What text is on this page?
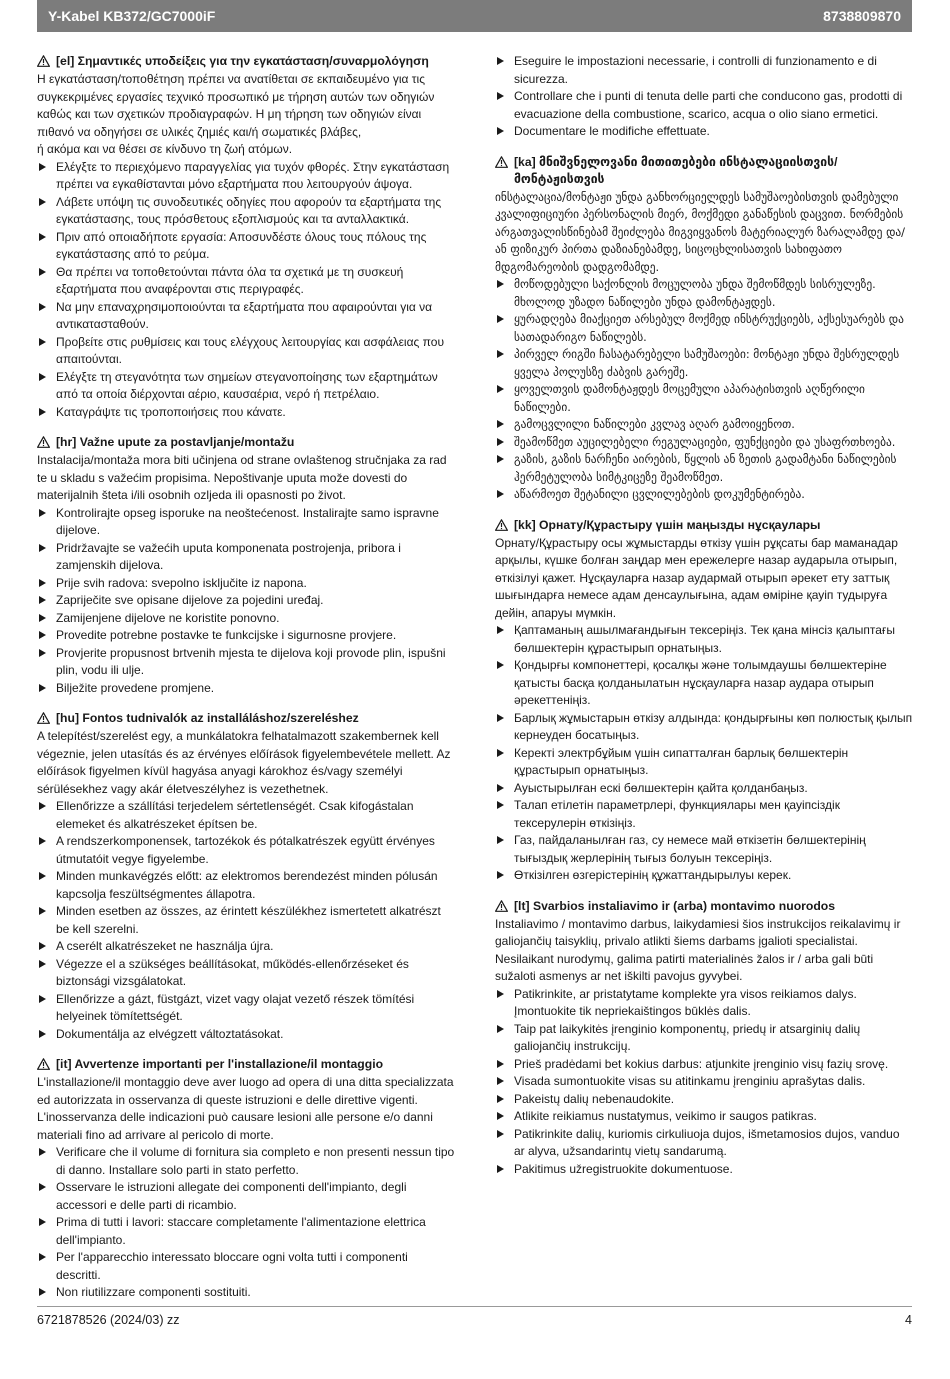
Y-Kabel KB372/GC7000iF	8738809870
[el] Σημαντικές υποδείξεις για την εγκατάσταση/συναρμολόγηση

Η εγκατάσταση/τοποθέτηση πρέπει να ανατίθεται σε εκπαιδευμένο για τις συγκεκριμένες εργασίες τεχνικό προσωπικό με τήρηση αυτών των οδηγιών καθώς και των σχετικών προδιαγραφών. Η μη τήρηση των οδηγιών είναι πιθανό να οδηγήσει σε υλικές ζημιές και/ή σωματικές βλάβες,

ή ακόμα και να θέσει σε κίνδυνο τη ζωή ατόμων.

Ελέγξτε το περιεχόμενο παραγγελίας για τυχόν φθορές. Στην εγκατάσταση πρέπει να εγκαθίστανται μόνο εξαρτήματα που λειτουργούν άψογα.
Λάβετε υπόψη τις συνοδευτικές οδηγίες που αφορούν τα εξαρτήματα της εγκατάστασης, τους πρόσθετους εξοπλισμούς και τα ανταλλακτικά.
Πριν από οποιαδήποτε εργασία: Αποσυνδέστε όλους τους πόλους της εγκατάστασης από το ρεύμα.
Θα πρέπει να τοποθετούνται πάντα όλα τα σχετικά με τη συσκευή εξαρτήματα που αναφέρονται στις περιγραφές.
Να μην επαναχρησιμοποιούνται τα εξαρτήματα που αφαιρούνται για να αντικατασταθούν.
Προβείτε στις ρυθμίσεις και τους ελέγχους λειτουργίας και ασφάλειας που απαιτούνται.
Ελέγξτε τη στεγανότητα των σημείων στεγανοποίησης των εξαρτημάτων από τα οποία διέρχονται αέριο, καυσαέρια, νερό ή πετρέλαιο.
Καταγράψτε τις τροποποιήσεις που κάνατε.
[hr] Važne upute za postavljanje/montažu

Instalacija/montaža mora biti učinjena od strane ovlaštenog stručnjaka za rad te u skladu s važećim propisima. Nepoštivanje uputa može dovesti do materijalnih šteta i/ili osobnih ozljeda ili opasnosti po život.

Kontrolirajte opseg isporuke na neoštećenost. Instalirajte samo ispravne dijelove.
Pridržavajte se važećih uputa komponenata postrojenja, pribora i zamjenskih dijelova.
Prije svih radova: svepolno isključite iz napona.
Zapriječite sve opisane dijelove za pojedini uređaj.
Zamijenjene dijelove ne koristite ponovno.
Provedite potrebne postavke te funkcijske i sigurnosne provjere.
Provjerite propusnost brtvenih mjesta te dijelova koji provode plin, ispušni plin, vodu ili ulje.
Bilježite provedene promjene.
[hu] Fontos tudnivalók az installáláshoz/szereléshez

A telepítést/szerelést egy, a munkálatokra felhatalmazott szakembernek kell végeznie, jelen utasítás és az érvényes előírások figyelembevétele mellett. Az előírások figyelmen kívül hagyása anyagi károkhoz és/vagy személyi sérülésekhez vagy akár életveszélyhez is vezethetnek.

Ellenőrizze a szállítási terjedelem sértetlenségét. Csak kifogástalan elemeket és alkatrészeket építsen be.
A rendszerkomponensek, tartozékok és pótalkatrészek együtt érvényes útmutatóit vegye figyelembe.
Minden munkavégzés előtt: az elektromos berendezést minden pólusán kapcsolja feszültségmentes állapotra.
Minden esetben az összes, az érintett készülékhez ismertetett alkatrészt be kell szerelni.
A cserélt alkatrészeket ne használja újra.
Végezze el a szükséges beállításokat, működés-ellenőrzéseket és biztonsági vizsgálatokat.
Ellenőrizze a gázt, füstgázt, vizet vagy olajat vezető részek tömítési helyeinek tömítettségét.
Dokumentálja az elvégzett változtatásokat.
[it] Avvertenze importanti per l'installazione/il montaggio

L'installazione/il montaggio deve aver luogo ad opera di una ditta specializzata ed autorizzata in osservanza di queste istruzioni e delle direttive vigenti. L'inosservanza delle indicazioni può causare lesioni alle persone e/o danni materiali fino ad arrivare al pericolo di morte.

Verificare che il volume di fornitura sia completo e non presenti nessun tipo di danno. Installare solo parti in stato perfetto.
Osservare le istruzioni allegate dei componenti dell'impianto, degli accessori e delle parti di ricambio.
Prima di tutti i lavori: staccare completamente l'alimentazione elettrica dell'impianto.
Per l'apparecchio interessato bloccare ogni volta tutti i componenti descritti.
Non riutilizzare componenti sostituiti.
Eseguire le impostazioni necessarie, i controlli di funzionamento e di sicurezza.
Controllare che i punti di tenuta delle parti che conducono gas, prodotti di evacuazione della combustione, scarico, acqua o olio siano ermetici.
Documentare le modifiche effettuate.
[ka] მნიშვნელოვანი მითითებები ინსტალაციისთვის/მონტაჟისთვის

ინსტალაცია/მონტაჟი უნდა განხორციელდეს სამუშაოებისთვის დამებული კვალიფიციური პერსონალის მიერ, მოქმედი განაწესის დაცვით. ნორმების არგათვალისწინებამ შეიძლება მიგვიყვანოს მატერიალურ ზარალამდე და/ან ფიზიკურ პირთა დაზიანებამდე, სიცოცხლისათვის სახიფათო მდგომარეობის დადგომამდე.

მოწოდებული საქონლის მოცულობა უნდა შემოწმდეს სისრულეზე. მხოლოდ უზადო ნაწილები უნდა დამონტაჟდეს.
ყურადღება მიაქციეთ არსებულ მოქმედ ინსტრუქციებს, აქსესუარებს და სათადარიგო ნაწილებს.
პირველ რიგში ჩასატარებელი სამუშაოები: მონტაჟი უნდა შესრულდეს ყველა პოლუსზე ძაბვის გარეშე.
ყოველთვის დამონტაჟდეს მოცემული აპარატისთვის აღწერილი ნაწილები.
გამოცვლილი ნაწილები კვლავ აღარ გამოიყენოთ.
შეამოწმეთ აუცილებელი რეგულაციები, ფუნქციები და უსაფრთხოება.
გაზის, გაზის ნარჩენი აირების, წყლის ან ზეთის გადამტანი ნაწილების ჰერმეტულობა სიმტკიცეზე შეამოწმეთ.
აწარმოეთ შეტანილი ცვლილებების დოკუმენტირება.
[kk] Орнату/Құрастыру үшін маңызды нұсқаулары

Орнату/Құрастыру осы жұмыстарды өткізу үшін рұқсаты бар маманадар арқылы, күшке болған заңдар мен ережелерге назар аударыла отырып, өткізілуі қажет. Нұсқауларға назар аудармай отырып әрекет ету заттық шығындарға немесе адам денсаулығына, адам өміріне қауіп тудыруға дейін, апаруы мүмкін.

Қаптаманың ашылмағандығын тексеріңіз. Тек қана мінсіз қалыптағы бөлшектерін құрастырып орнатыңыз.
Қондырғы компонеттері, қосалқы және толымдаушы бөлшектеріне қатысты басқа қолданылатын нұсқауларға назар аудара отырып әрекеттеніңіз.
Барлық жұмыстарын өткізу алдында: қондырғыны көп полюстық қылып кернеуден босатыңыз.
Керекті электрбұйым үшін сипатталған барлық бөлшектерін құрастырып орнатыңыз.
Ауыстырылған ескі бөлшектерін қайта қолданбаңыз.
Талап етілетін параметрлері, функциялары мен қауіпсіздік тексерулерін өткізіңіз.
Газ, пайдаланылған газ, су немесе май өткізетін бөлшектерінің тығыздық жерлерінің тығыз болуын тексеріңіз.
Өткізілген өзгерістерінің құжаттандырылуы керек.
[lt] Svarbios instaliavimo ir (arba) montavimo nuorodos

Instaliavimo / montavimo darbus, laikydamiesi šios instrukcijos reikalavimų ir galiojančių taisyklių, privalo atlikti šiems darbams įgalioti specialistai. Nesilaikant nurodymų, galima patirti materialinės žalos ir / arba gali būti sužaloti asmenys ar net iškilti pavojus gyvybei.

Patikrinkite, ar pristatytame komplekte yra visos reikiamos dalys. Įmontuokite tik nepriekaištingos būklės dalis.
Taip pat laikykitės įrenginio komponentų, priedų ir atsarginių dalių galiojančių instrukcijų.
Prieš pradėdami bet kokius darbus: atjunkite įrenginio visų fazių srovę.
Visada sumontuokite visas su atitinkamu įrenginiu aprašytas dalis.
Pakeistų dalių nebenaudokite.
Atlikite reikiamus nustatymus, veikimo ir saugos patikras.
Patikrinkite dalių, kuriomis cirkuliuoja dujos, išmetamosios dujos, vanduo ar alyva, užsandarintų vietų sandarumą.
Pakitimus užregistruokite dokumentuose.
6721878526 (2024/03) zz	4
